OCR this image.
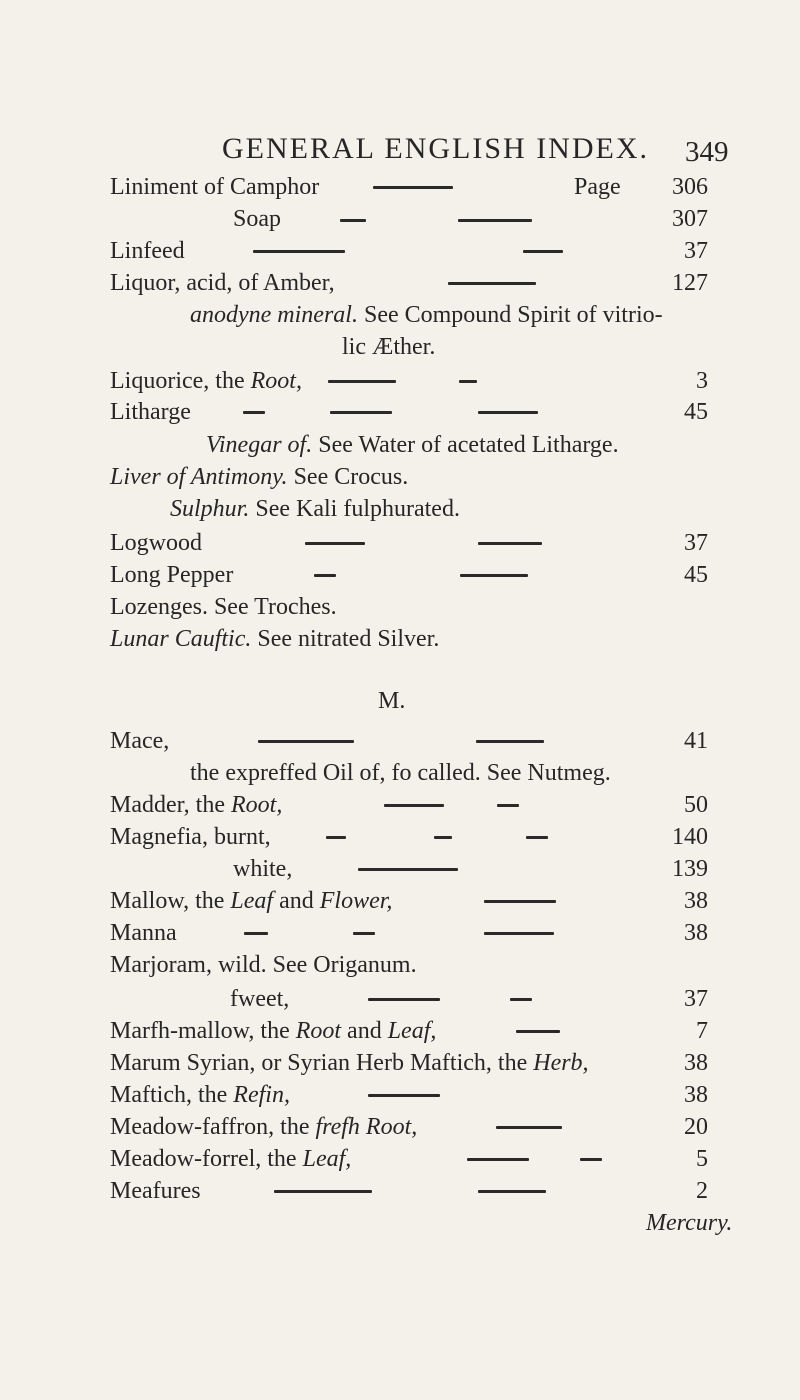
GENERAL ENGLISH INDEX. 349
Liniment of Camphor	Page	306
Soap	307
Linfeed	37
Liquor, acid, of Amber,	127
anodyne mineral. See Compound Spirit of vitrio-
lic Æther.
Liquorice, the Root,	3
Litharge	45
Vinegar of. See Water of acetated Litharge.
Liver of Antimony. See Crocus.
Sulphur. See Kali fulphurated.
Logwood	37
Long Pepper	45
Lozenges. See Troches.
Lunar Cauftic. See nitrated Silver.
M.
Mace,	41
the expreffed Oil of, fo called. See Nutmeg.
Madder, the Root,	50
Magnefia, burnt,	140
white,	139
Mallow, the Leaf and Flower,	38
Manna	38
Marjoram, wild. See Origanum.
fweet,	37
Marfh-mallow, the Root and Leaf,	7
Marum Syrian, or Syrian Herb Maftich, the Herb,	38
Maftich, the Refin,	38
Meadow-faffron, the frefh Root,	20
Meadow-forrel, the Leaf,	5
Meafures	2
Mercury.
